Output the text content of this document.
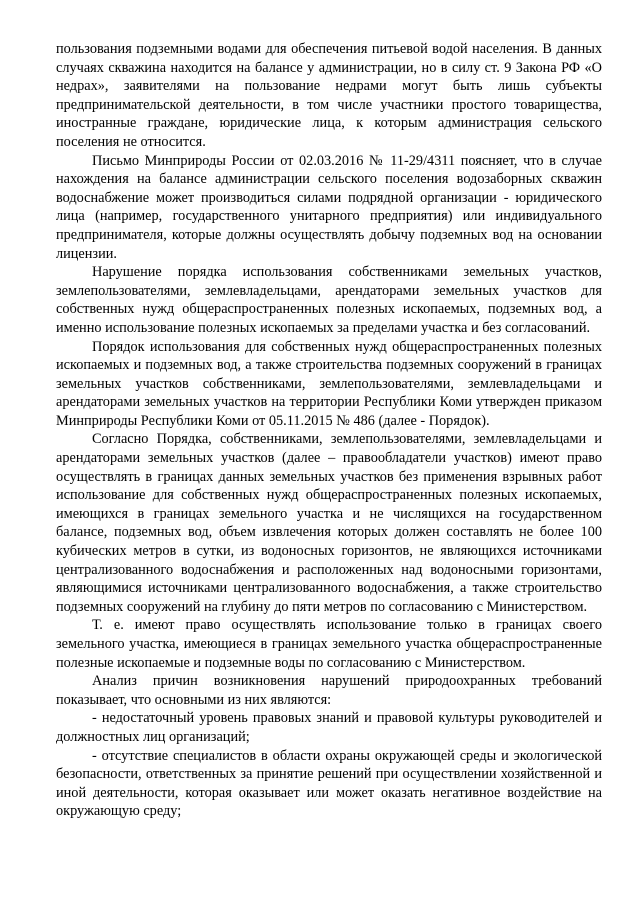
пользования подземными водами для обеспечения питьевой водой населения. В данных случаях скважина находится на балансе у администрации, но в силу ст. 9 Закона РФ «О недрах», заявителями на пользование недрами могут быть лишь субъекты предпринимательской деятельности, в том числе участники простого товарищества, иностранные граждане, юридические лица, к которым администрация сельского поселения не относится.

Письмо Минприроды России от 02.03.2016 № 11-29/4311 поясняет, что в случае нахождения на балансе администрации сельского поселения водозаборных скважин водоснабжение может производиться силами подрядной организации - юридического лица (например, государственного унитарного предприятия) или индивидуального предпринимателя, которые должны осуществлять добычу подземных вод на основании лицензии.

Нарушение порядка использования собственниками земельных участков, землепользователями, землевладельцами, арендаторами земельных участков для собственных нужд общераспространенных полезных ископаемых, подземных вод, а именно использование полезных ископаемых за пределами участка и без согласований.

Порядок использования для собственных нужд общераспространенных полезных ископаемых и подземных вод, а также строительства подземных сооружений в границах земельных участков собственниками, землепользователями, землевладельцами и арендаторами земельных участков на территории Республики Коми утвержден приказом Минприроды Республики Коми от 05.11.2015 № 486 (далее - Порядок).

Согласно Порядка, собственниками, землепользователями, землевладельцами и арендаторами земельных участков (далее – правообладатели участков) имеют право осуществлять в границах данных земельных участков без применения взрывных работ использование для собственных нужд общераспространенных полезных ископаемых, имеющихся в границах земельного участка и не числящихся на государственном балансе, подземных вод, объем извлечения которых должен составлять не более 100 кубических метров в сутки, из водоносных горизонтов, не являющихся источниками централизованного водоснабжения и расположенных над водоносными горизонтами, являющимися источниками централизованного водоснабжения, а также строительство подземных сооружений на глубину до пяти метров по согласованию с Министерством.

Т. е. имеют право осуществлять использование только в границах своего земельного участка, имеющиеся в границах земельного участка общераспространенные полезные ископаемые и подземные воды по согласованию с Министерством.

Анализ причин возникновения нарушений природоохранных требований показывает, что основными из них являются:

- недостаточный уровень правовых знаний и правовой культуры руководителей и должностных лиц организаций;

- отсутствие специалистов в области охраны окружающей среды и экологической безопасности, ответственных за принятие решений при осуществлении хозяйственной и иной деятельности, которая оказывает или может оказать негативное воздействие на окружающую среду;
